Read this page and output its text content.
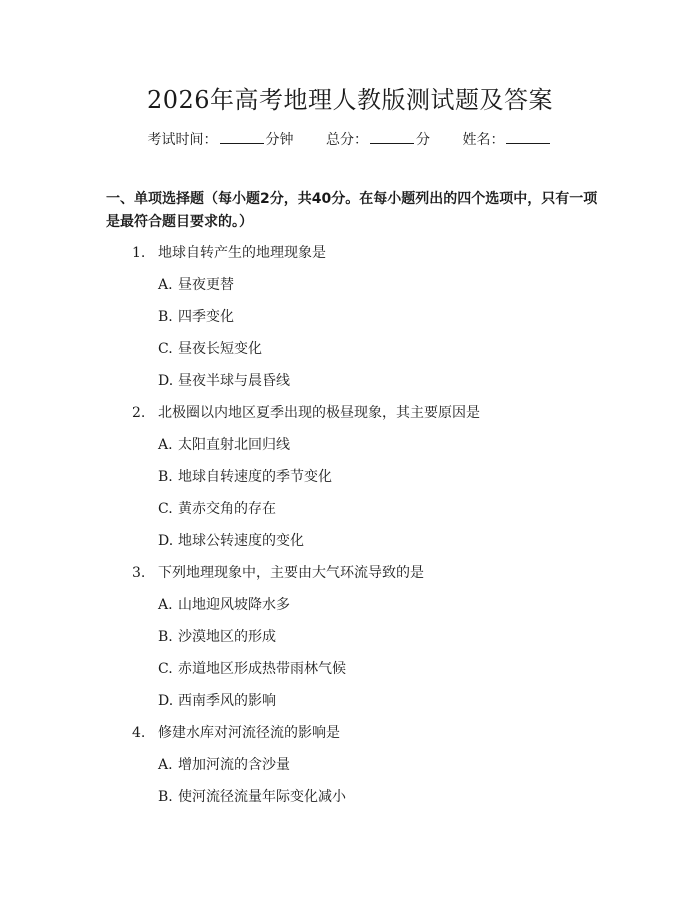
2026年高考地理人教版测试题及答案
考试时间：	分钟 总分：	分 姓名：
一、单项选择题（每小题2分，共40分。在每小题列出的四个选项中，只有一项是最符合题目要求的。）
1. 地球自转产生的地理现象是
A. 昼夜更替
B. 四季变化
C. 昼夜长短变化
D. 昼夜半球与晨昏线
2. 北极圈以内地区夏季出现的极昼现象，其主要原因是
A. 太阳直射北回归线
B. 地球自转速度的季节变化
C. 黄赤交角的存在
D. 地球公转速度的变化
3. 下列地理现象中，主要由大气环流导致的是
A. 山地迎风坡降水多
B. 沙漠地区的形成
C. 赤道地区形成热带雨林气候
D. 西南季风的影响
4. 修建水库对河流径流的影响是
A. 增加河流的含沙量
B. 使河流径流量年际变化减小
